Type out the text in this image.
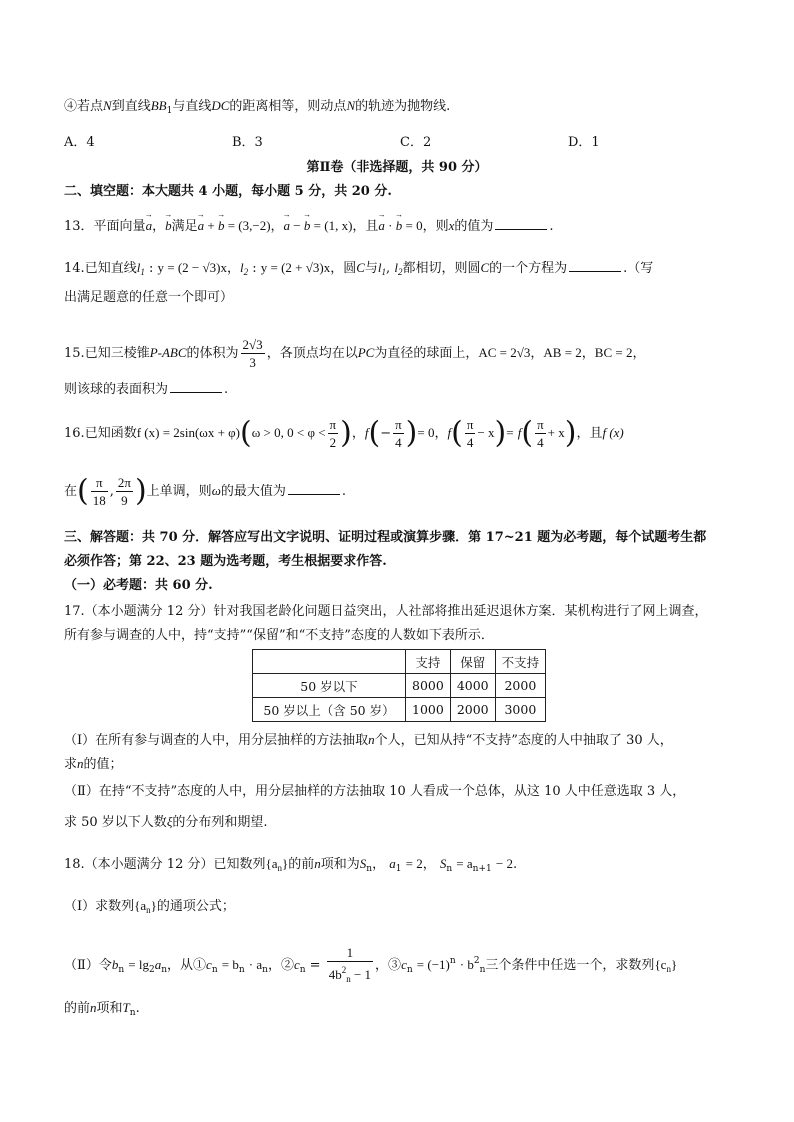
④若点N到直线$BB_1$与直线DC的距离相等，则动点N的轨迹为抛物线.
A．4	B．3	C．2	D．1
第Ⅱ卷（非选择题，共 90 分）
二、填空题：本大题共 4 小题，每小题 5 分，共 20 分.
13．平面向量→ a，→ b满足→ a + → b = (3,−2)，→ a − → b = (1, x)，且→ a · → b = 0，则x的值为	.
14.已知直线$l_1$ : y = (2 − √3)x，$l_2$ : y = (2 + √3)x，圆C与$l_1$, $l_2$都相切，则圆C的一个方程为	.（写
出满足题意的任意一个即可）
15.已知三棱锥P-ABC的体积为 $\frac{2√3}{3}$ ，各顶点均在以PC为直径的球面上，AC = 2√3，AB = 2，BC = 2，
则该球的表面积为	.
16.已知函数f (x) = 2sin(ωx + φ)(ω > 0, $0 < \varphi < \frac{\pi}{2}$ )，$f(- \frac{\pi}{4}$ )= 0，$f( \frac{\pi}{4} - x)= f( \frac{\pi}{4} + x)$，且f (x)
在( $\frac{\pi}{18}$ , $\frac{2\pi}{9}$ )上单调，则ω的最大值为	.
三、解答题：共 70 分．解答应写出文字说明、证明过程或演算步骤．第 17~21 题为必考题，每个试题考生都
必须作答；第 22、23 题为选考题，考生根据要求作答.
（一）必考题：共 60 分.
17.（本小题满分 12 分）针对我国老龄化问题日益突出，人社部将推出延迟退休方案．某机构进行了网上调查，
所有参与调查的人中，持“支持”“保留”和“不支持”态度的人数如下表所示．
	支持	保留	不支持
50 岁以下	8000	4000	2000
50 岁以上（含 50 岁）	1000	2000	3000
（Ⅰ）在所有参与调查的人中，用分层抽样的方法抽取n个人，已知从持“不支持”态度的人中抽取了 30 人，
求n的值；
（Ⅱ）在持“不支持”态度的人中，用分层抽样的方法抽取 10 人看成一个总体，从这 10 人中任意选取 3 人，
求 50 岁以下人数ξ的分布列和期望.
18.（本小题满分 12 分）已知数列$\{a_n\}$的前n项和为$S_n$， $a_1 = 2$， $S_n = a_{n+1} - 2$.
（Ⅰ）求数列$\{a_n\}$的通项公式；
（Ⅱ）令$b_n = \lg_2a_n$，从$①c_n = b_n \cdot a_n$，$②c_n = \frac{1}{4b^2_n - 1}$ ，$③c_n = (-1)^n \cdot b^2_n$三个条件中任选一个，求数列$\{c_n\}$
的前n项和$T_n$.
